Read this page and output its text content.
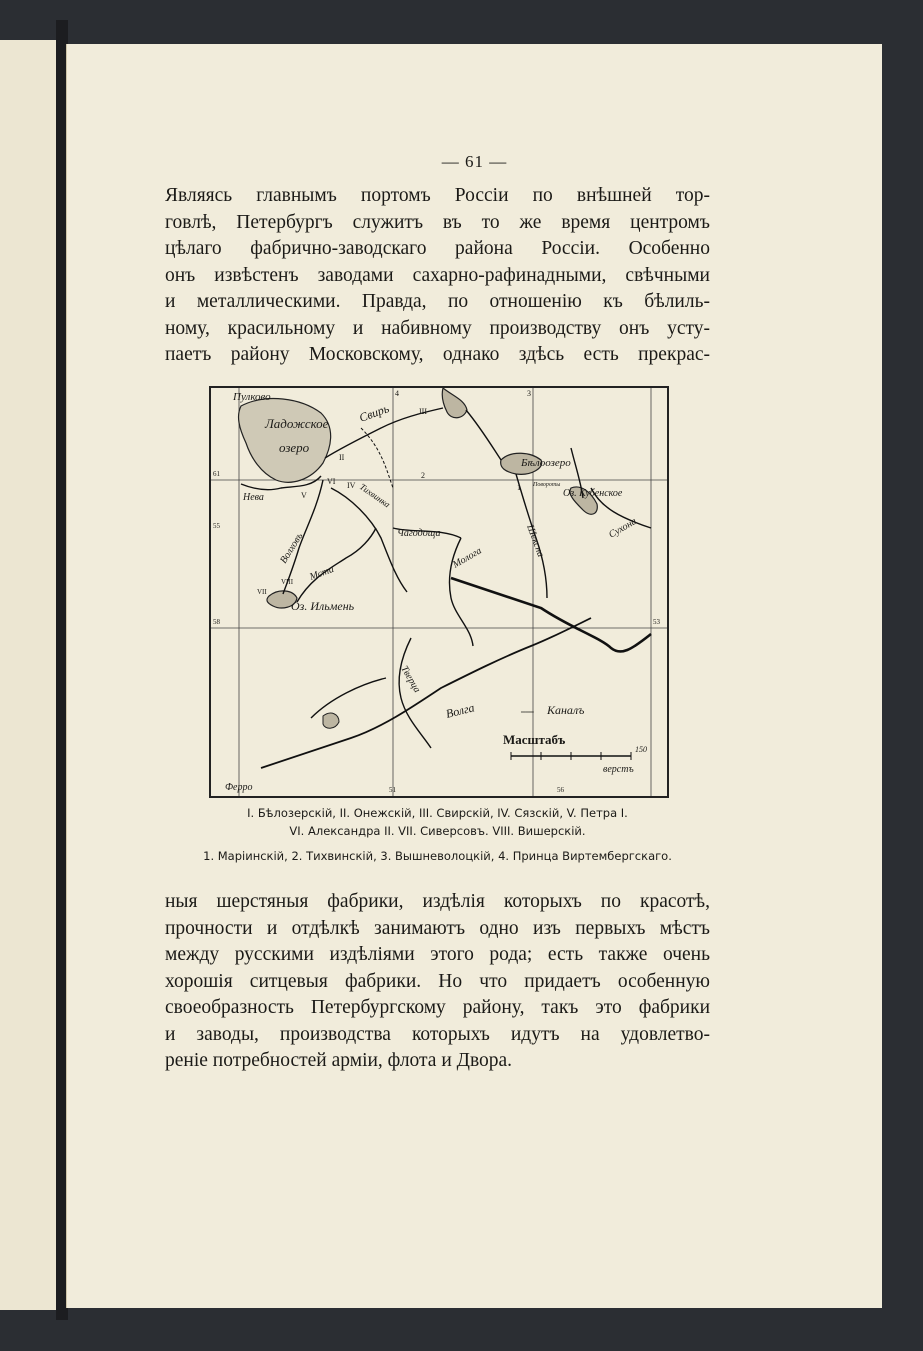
— 61 —
Являясь главнымъ портомъ Россіи по внѣшней тор-
говлѣ, Петербургъ служитъ въ то же время центромъ
цѣлаго фабрично-заводскаго района Россіи. Особенно
онъ извѣстенъ заводами сахарно-рафинадными, свѣчными
и металлическими. Правда, по отношенію къ бѣлиль-
ному, красильному и набивному производству онъ усту-
паетъ району Московскому, однако здѣсь есть прекрас-
Пулково
Ладожское
озеро
Свирь
Нева
Волховъ
Мста
Оз. Ильмень
Тихвинка
Чагодоща
Молога	Шексна
Бѣлоозеро
Оз. Кубенское
Сухона
Тверца
Волга	═══ Каналъ
Масштабъ
150
верстъ
Ферро
Повороты
61
58
55
4	3
53
51	56
II
III
IV
V
VI
VII
VIII
1
2

I. Бѣлозерскій, II. Онежскій, III. Свирскій, IV. Сязскій, V. Петра I.

VI. Александра II. VII. Сиверсовъ. VIII. Вишерскій.

1. Маріинскій, 2. Тихвинскій, 3. Вышневолоцкій, 4. Принца Виртембергскаго.

ныя шерстяныя фабрики, издѣлія которыхъ по красотѣ,
прочности и отдѣлкѣ занимаютъ одно изъ первыхъ мѣстъ
между русскими издѣліями этого рода; есть также очень
хорошія ситцевыя фабрики. Но что придаетъ особенную
своеобразность Петербургскому району, такъ это фабрики
и заводы, производства которыхъ идутъ на удовлетво-
реніе потребностей арміи, флота и Двора.
